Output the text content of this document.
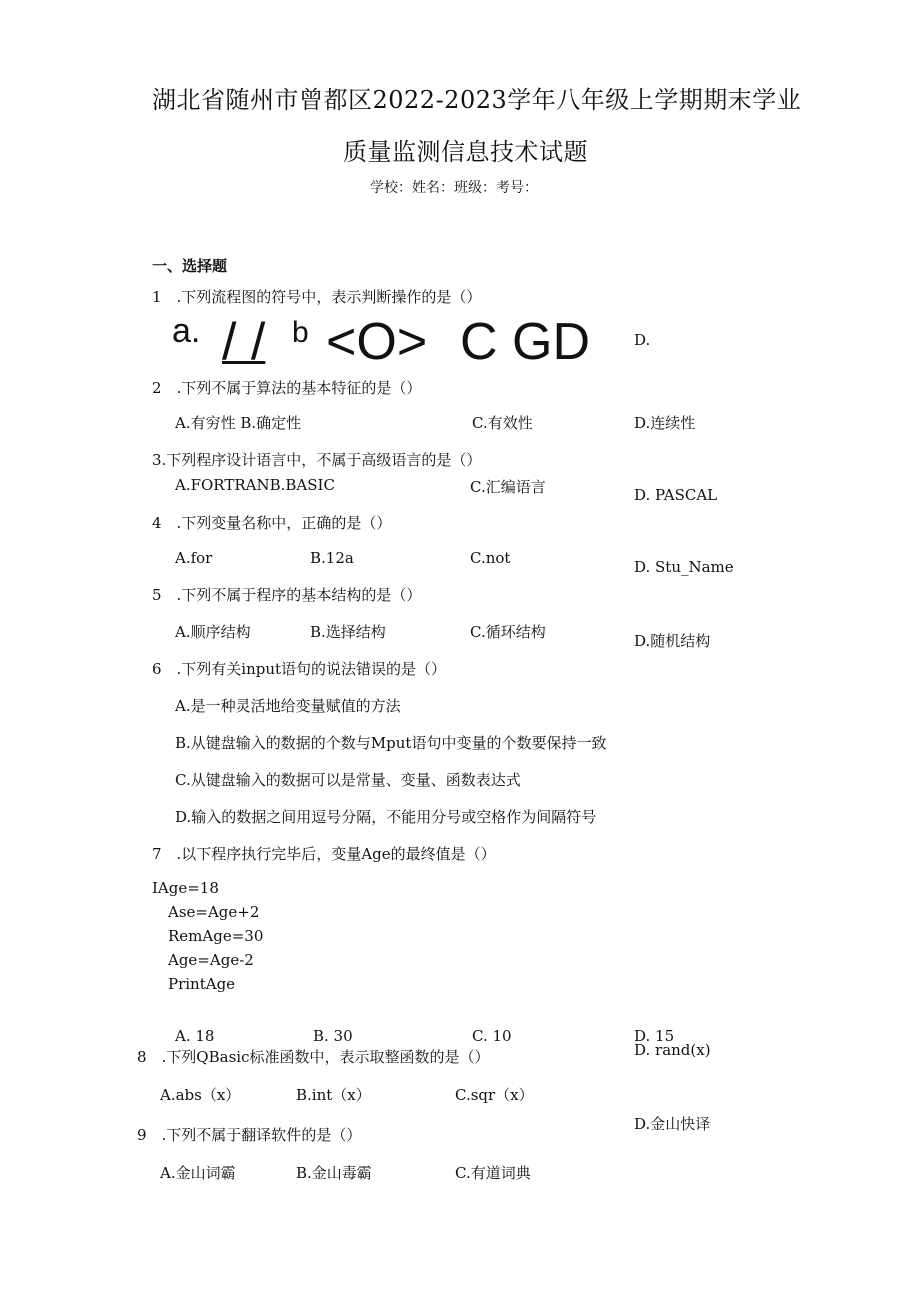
湖北省随州市曾都区2022-2023学年八年级上学期期末学业
质量监测信息技术试题
学校：姓名：班级：考号：
一、选择题
1　.下列流程图的符号中，表示判断操作的是（）
a. / / b <O> C GD	D.
2　.下列不属于算法的基本特征的是（）
A.有穷性 B.确定性	C.有效性	D.连续性
3.下列程序设计语言中，不属于高级语言的是（）
A.FORTRANB.BASIC	C.汇编语言	D. PASCAL
4　.下列变量名称中，正确的是（）
A.for	B.12a	C.not	D. Stu_Name
5　.下列不属于程序的基本结构的是（）
A.顺序结构	B.选择结构	C.循环结构	D.随机结构
6　.下列有关input语句的说法错误的是（）
A.是一种灵活地给变量赋值的方法
B.从键盘输入的数据的个数与Mput语句中变量的个数要保持一致
C.从键盘输入的数据可以是常量、变量、函数表达式
D.输入的数据之间用逗号分隔，不能用分号或空格作为间隔符号
7　.以下程序执行完毕后，变量Age的最终值是（）
IAge=18
Ase=Age+2
RemAge=30
Age=Age-2
PrintAge
A. 18	B. 30	C. 10	D. 15
8　.下列QBasic标准函数中，表示取整函数的是（）	D. rand(x)
A.abs（x）	B.int（x）	C.sqr（x）
D.金山快译
9　.下列不属于翻译软件的是（）
A.金山词霸	B.金山毒霸	C.有道词典
